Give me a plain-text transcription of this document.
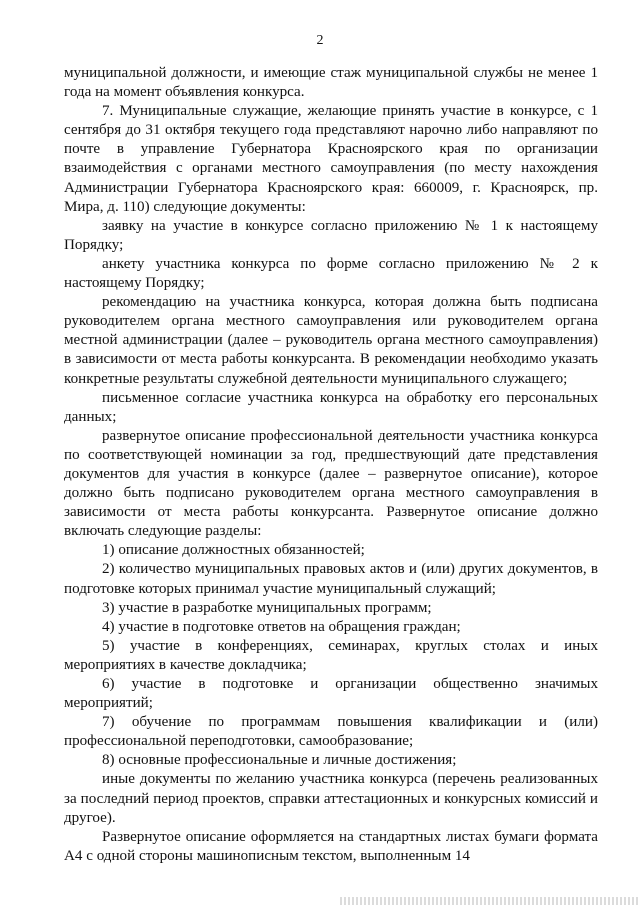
2

муниципальной должности, и имеющие стаж муниципальной службы не менее 1 года на момент объявления конкурса.

7. Муниципальные служащие, желающие принять участие в конкурсе, с 1 сентября до 31 октября текущего года представляют нарочно либо направляют по почте в управление Губернатора Красноярского края по организации взаимодействия с органами местного самоуправления (по месту нахождения Администрации Губернатора Красноярского края: 660009, г. Красноярск, пр. Мира, д. 110) следующие документы:

заявку на участие в конкурсе согласно приложению № 1 к настоящему Порядку;

анкету участника конкурса по форме согласно приложению № 2 к настоящему Порядку;

рекомендацию на участника конкурса, которая должна быть подписана руководителем органа местного самоуправления или руководителем органа местной администрации (далее – руководитель органа местного самоуправления) в зависимости от места работы конкурсанта. В рекомендации необходимо указать конкретные результаты служебной деятельности муниципального служащего;

письменное согласие участника конкурса на обработку его персональных данных;

развернутое описание профессиональной деятельности участника конкурса по соответствующей номинации за год, предшествующий дате представления документов для участия в конкурсе (далее – развернутое описание), которое должно быть подписано руководителем органа местного самоуправления в зависимости от места работы конкурсанта. Развернутое описание должно включать следующие разделы:

1) описание должностных обязанностей;

2) количество муниципальных правовых актов и (или) других документов, в подготовке которых принимал участие муниципальный служащий;

3) участие в разработке муниципальных программ;

4) участие в подготовке ответов на обращения граждан;

5) участие в конференциях, семинарах, круглых столах и иных мероприятиях в качестве докладчика;

6) участие в подготовке и организации общественно значимых мероприятий;

7) обучение по программам повышения квалификации и (или) профессиональной переподготовки, самообразование;

8) основные профессиональные и личные достижения;

иные документы по желанию участника конкурса (перечень реализованных за последний период проектов, справки аттестационных и конкурсных комиссий и другое).

Развернутое описание оформляется на стандартных листах бумаги формата А4 с одной стороны машинописным текстом, выполненным 14
